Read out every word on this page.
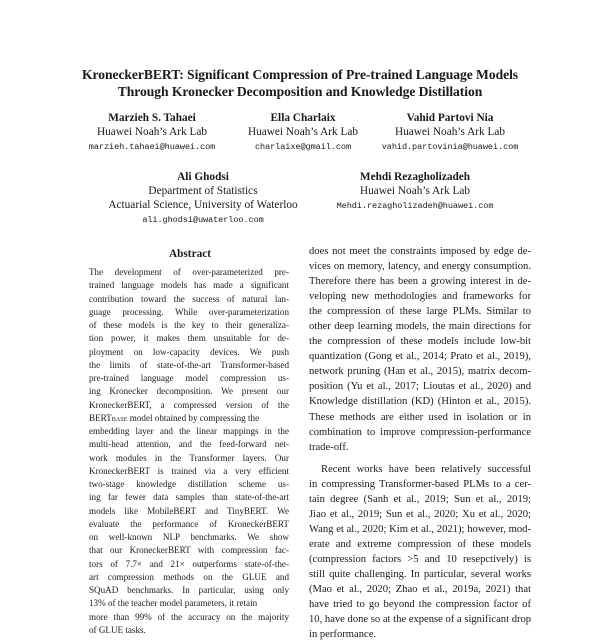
KroneckerBERT: Significant Compression of Pre-trained Language Models
Through Kronecker Decomposition and Knowledge Distillation
Marzieh S. Tahaei
Huawei Noah’s Ark Lab
marzieh.tahaei@huawei.com
Ella Charlaix
Huawei Noah’s Ark Lab
charlaixe@gmail.com
Vahid Partovi Nia
Huawei Noah’s Ark Lab
vahid.partovinia@huawei.com
Ali Ghodsi
Department of Statistics
Actuarial Science, University of Waterloo
ali.ghodsi@uwaterloo.com
Mehdi Rezagholizadeh
Huawei Noah’s Ark Lab
Mehdi.rezagholizadeh@huawei.com
Abstract
The development of over-parameterized pre-
trained language models has made a significant
contribution toward the success of natural lan-
guage processing. While over-parameterization
of these models is the key to their generaliza-
tion power, it makes them unsuitable for de-
ployment on low-capacity devices. We push
the limits of state-of-the-art Transformer-based
pre-trained language model compression us-
ing Kronecker decomposition. We present our
KroneckerBERT, a compressed version of the
BERTBASE model obtained by compressing the
embedding layer and the linear mappings in the
multi-head attention, and the feed-forward net-
work modules in the Transformer layers. Our
KroneckerBERT is trained via a very efficient
two-stage knowledge distillation scheme us-
ing far fewer data samples than state-of-the-art
models like MobileBERT and TinyBERT. We
evaluate the performance of KroneckerBERT
on well-known NLP benchmarks. We show
that our KroneckerBERT with compression fac-
tors of 7.7× and 21× outperforms state-of-the-
art compression methods on the GLUE and
SQuAD benchmarks. In particular, using only
13% of the teacher model parameters, it retain
more than 99% of the accuracy on the majority
of GLUE tasks.
does not meet the constraints imposed by edge de-
vices on memory, latency, and energy consumption.
Therefore there has been a growing interest in de-
veloping new methodologies and frameworks for
the compression of these large PLMs. Similar to
other deep learning models, the main directions for
the compression of these models include low-bit
quantization (Gong et al., 2014; Prato et al., 2019),
network pruning (Han et al., 2015), matrix decom-
position (Yu et al., 2017; Lioutas et al., 2020) and
Knowledge distillation (KD) (Hinton et al., 2015).
These methods are either used in isolation or in
combination to improve compression-performance
trade-off.
Recent works have been relatively successful
in compressing Transformer-based PLMs to a cer-
tain degree (Sanh et al., 2019; Sun et al., 2019;
Jiao et al., 2019; Sun et al., 2020; Xu et al., 2020;
Wang et al., 2020; Kim et al., 2021); however, mod-
erate and extreme compression of these models
(compression factors >5 and 10 resepctively) is
still quite challenging. In particular, several works
(Mao et al., 2020; Zhao et al., 2019a, 2021) that
have tried to go beyond the compression factor of
10, have done so at the expense of a significant drop
in performance.
